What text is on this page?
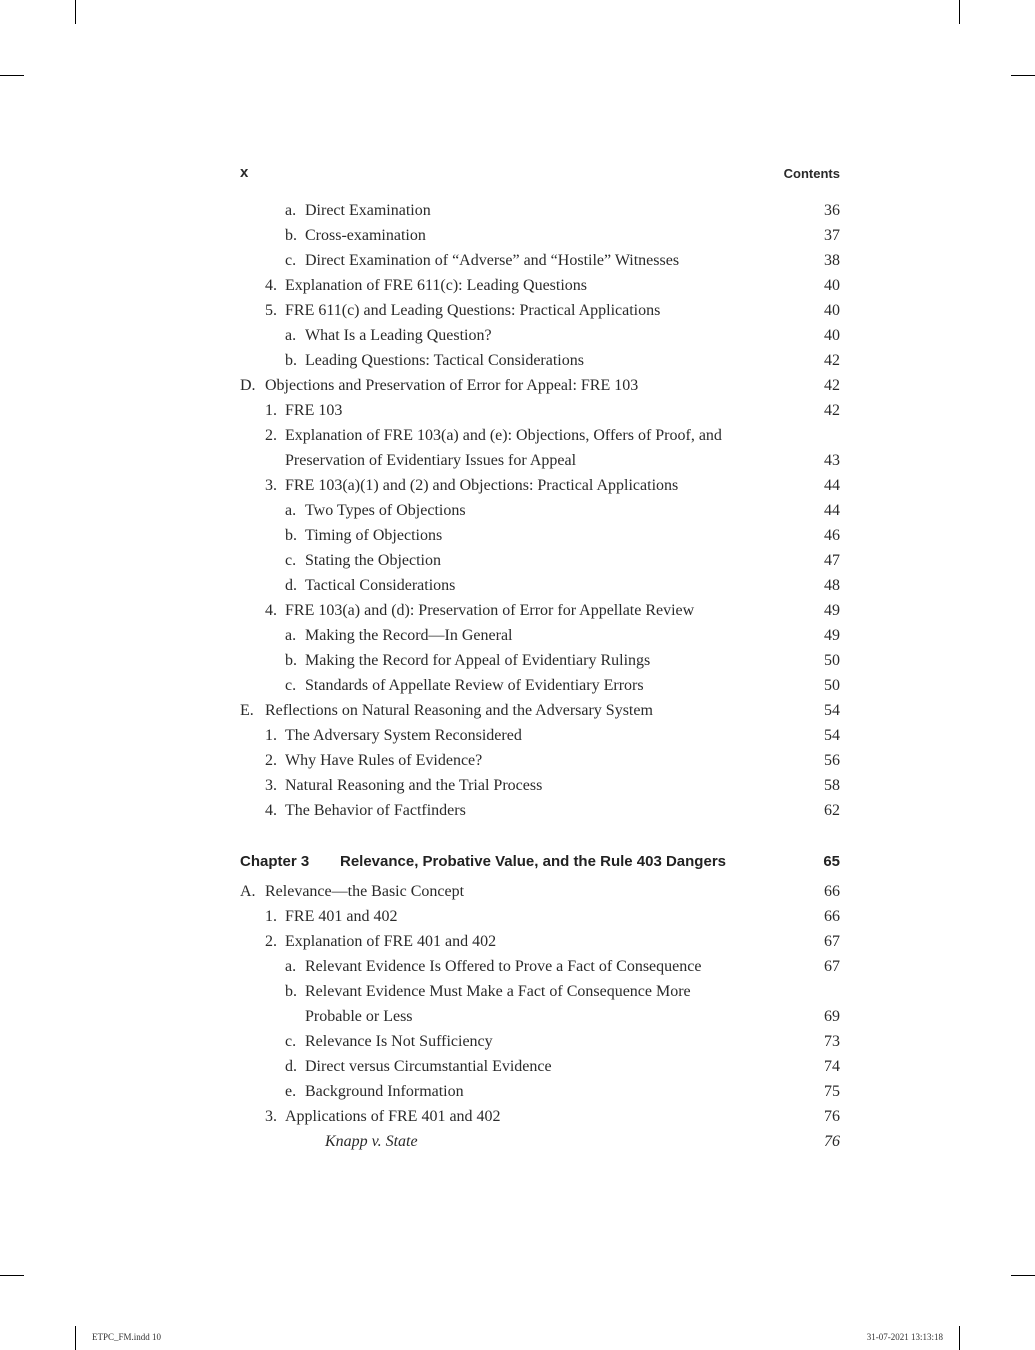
x	Contents
a. Direct Examination	36
b. Cross-examination	37
c. Direct Examination of “Adverse” and “Hostile” Witnesses	38
4. Explanation of FRE 611(c): Leading Questions	40
5. FRE 611(c) and Leading Questions: Practical Applications	40
a. What Is a Leading Question?	40
b. Leading Questions: Tactical Considerations	42
D. Objections and Preservation of Error for Appeal: FRE 103	42
1. FRE 103	42
2. Explanation of FRE 103(a) and (e): Objections, Offers of Proof, and Preservation of Evidentiary Issues for Appeal	43
3. FRE 103(a)(1) and (2) and Objections: Practical Applications	44
a. Two Types of Objections	44
b. Timing of Objections	46
c. Stating the Objection	47
d. Tactical Considerations	48
4. FRE 103(a) and (d): Preservation of Error for Appellate Review	49
a. Making the Record—In General	49
b. Making the Record for Appeal of Evidentiary Rulings	50
c. Standards of Appellate Review of Evidentiary Errors	50
E. Reflections on Natural Reasoning and the Adversary System	54
1. The Adversary System Reconsidered	54
2. Why Have Rules of Evidence?	56
3. Natural Reasoning and the Trial Process	58
4. The Behavior of Factfinders	62
Chapter 3 Relevance, Probative Value, and the Rule 403 Dangers	65
A. Relevance—the Basic Concept	66
1. FRE 401 and 402	66
2. Explanation of FRE 401 and 402	67
a. Relevant Evidence Is Offered to Prove a Fact of Consequence	67
b. Relevant Evidence Must Make a Fact of Consequence More Probable or Less	69
c. Relevance Is Not Sufficiency	73
d. Direct versus Circumstantial Evidence	74
e. Background Information	75
3. Applications of FRE 401 and 402	76
Knapp v. State	76
ETPC_FM.indd 10	31-07-2021 13:13:18
